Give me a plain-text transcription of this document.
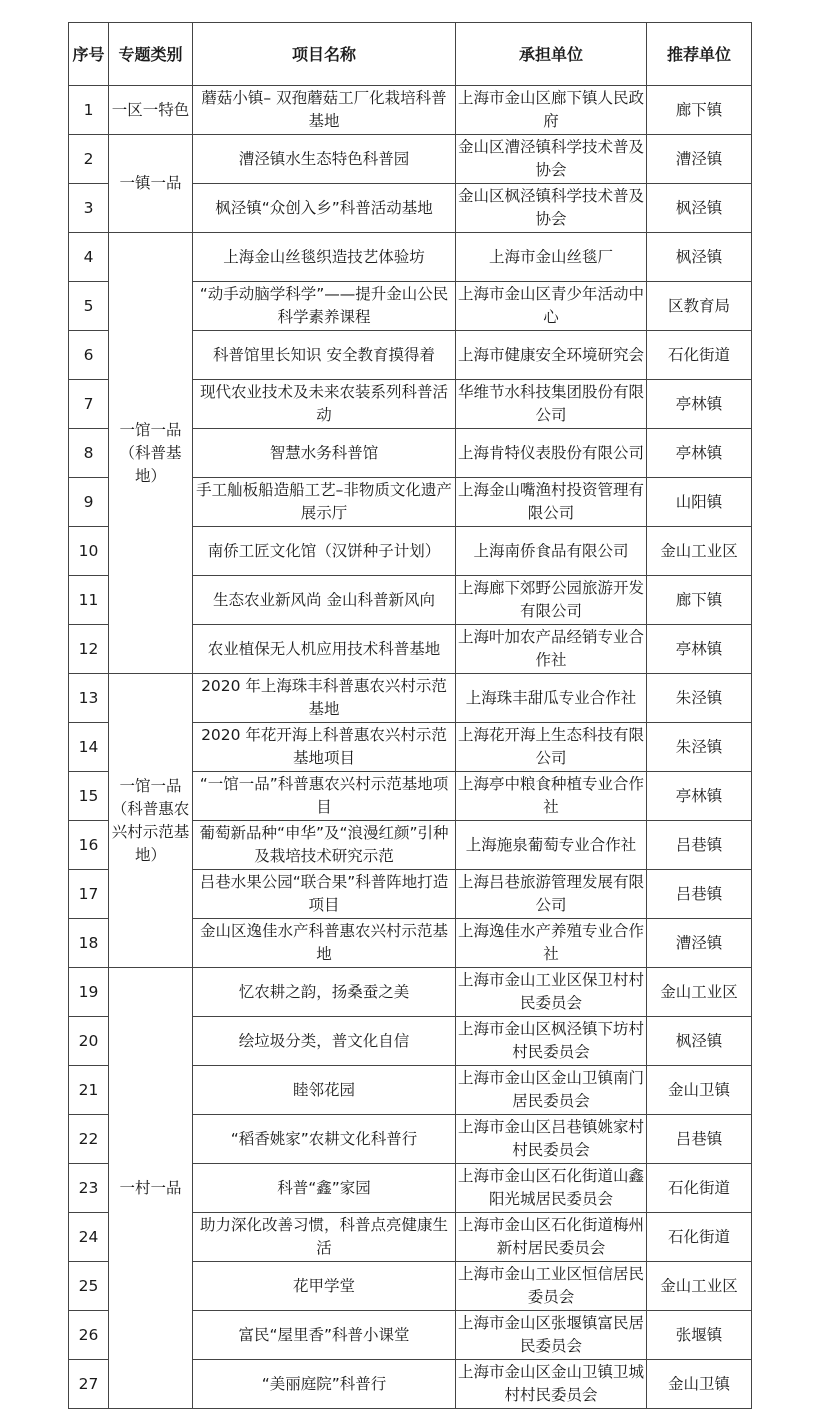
序号	专题类别	项目名称	承担单位	推荐单位
1	一区一特色	蘑菇小镇– 双孢蘑菇工厂化栽培科普基地	上海市金山区廊下镇人民政府	廊下镇
2	一镇一品	漕泾镇水生态特色科普园	金山区漕泾镇科学技术普及协会	漕泾镇
3		枫泾镇“众创入乡”科普活动基地	金山区枫泾镇科学技术普及协会	枫泾镇
4	一馆一品（科普基地）	上海金山丝毯织造技艺体验坊	上海市金山丝毯厂	枫泾镇
5		“动手动脑学科学”——提升金山公民科学素养课程	上海市金山区青少年活动中心	区教育局
6		科普馆里长知识 安全教育摸得着	上海市健康安全环境研究会	石化街道
7		现代农业技术及未来农装系列科普活动	华维节水科技集团股份有限公司	亭林镇
8		智慧水务科普馆	上海肯特仪表股份有限公司	亭林镇
9		手工舢板船造船工艺–非物质文化遗产展示厅	上海金山嘴渔村投资管理有限公司	山阳镇
10		南侨工匠文化馆（汉饼种子计划）	上海南侨食品有限公司	金山工业区
11		生态农业新风尚 金山科普新风向	上海廊下郊野公园旅游开发有限公司	廊下镇
12		农业植保无人机应用技术科普基地	上海叶加农产品经销专业合作社	亭林镇
13	一馆一品（科普惠农兴村示范基地）	2020 年上海珠丰科普惠农兴村示范基地	上海珠丰甜瓜专业合作社	朱泾镇
14		2020 年花开海上科普惠农兴村示范基地项目	上海花开海上生态科技有限公司	朱泾镇
15		“一馆一品”科普惠农兴村示范基地项目	上海亭中粮食种植专业合作社	亭林镇
16		葡萄新品种“申华”及“浪漫红颜”引种及栽培技术研究示范	上海施泉葡萄专业合作社	吕巷镇
17		吕巷水果公园“联合果”科普阵地打造项目	上海吕巷旅游管理发展有限公司	吕巷镇
18		金山区逸佳水产科普惠农兴村示范基地	上海逸佳水产养殖专业合作社	漕泾镇
19	一村一品	忆农耕之韵，扬桑蚕之美	上海市金山工业区保卫村村民委员会	金山工业区
20		绘垃圾分类，普文化自信	上海市金山区枫泾镇下坊村村民委员会	枫泾镇
21		睦邻花园	上海市金山区金山卫镇南门居民委员会	金山卫镇
22		“稻香姚家”农耕文化科普行	上海市金山区吕巷镇姚家村村民委员会	吕巷镇
23		科普“鑫”家园	上海市金山区石化街道山鑫阳光城居民委员会	石化街道
24		助力深化改善习惯，科普点亮健康生活	上海市金山区石化街道梅州新村居民委员会	石化街道
25		花甲学堂	上海市金山工业区恒信居民委员会	金山工业区
26		富民“屋里香”科普小课堂	上海市金山区张堰镇富民居民委员会	张堰镇
27		“美丽庭院”科普行	上海市金山区金山卫镇卫城村村民委员会	金山卫镇
